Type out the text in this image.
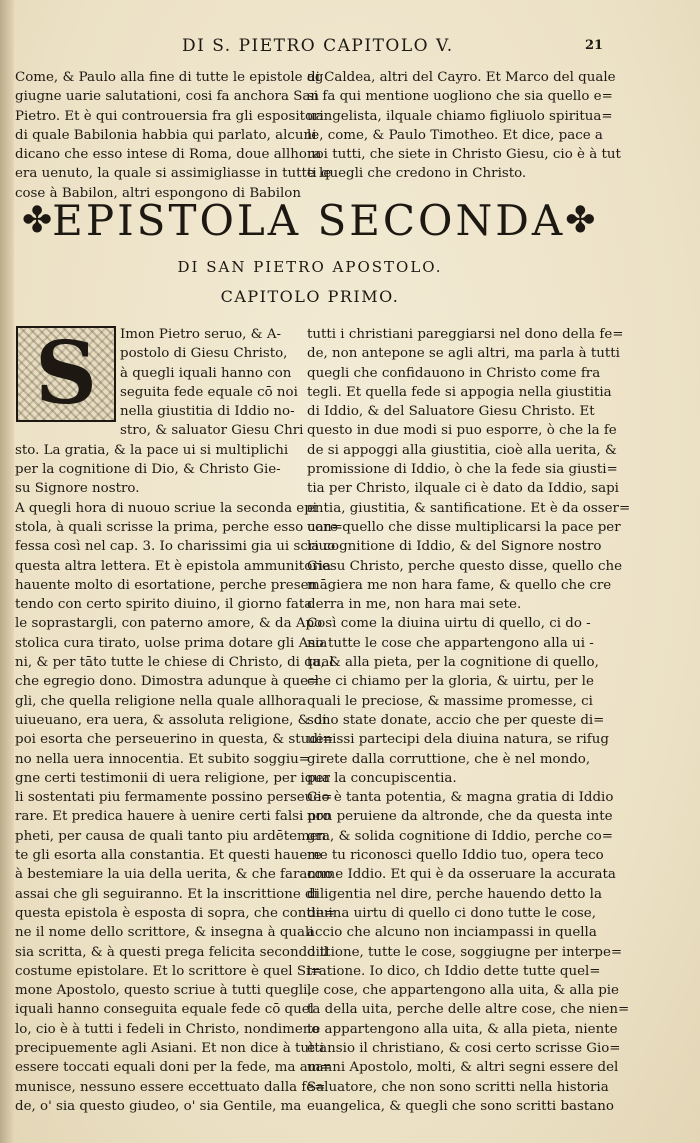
DI S. PIETRO CAPITOLO V.	21
Come, & Paulo alla fine di tutte le epistole ag
giugne uarie salutationi, cosi fa anchora San
Pietro. Et è qui controuersia fra gli espositori
di quale Babilonia habbia qui parlato, alcuni
dicano che esso intese di Roma, doue allhora
era uenuto, la quale si assimigliasse in tutte le
cose à Babilon, altri espongono di Babilon
di Caldea, altri del Cayro. Et Marco del quale
si fa qui mentione uogliono che sia quello e=
uangelista, ilquale chiamo figliuolo spiritua=
le, come, & Paulo Timotheo. Et dice, pace a
uoi tutti, che siete in Christo Giesu, cio è à tut
ti quegli che credono in Christo.
✤ EPISTOLA SECONDA ✤
DI SAN PIETRO APOSTOLO.
CAPITOLO PRIMO.
S Imon Pietro seruo, & A-
postolo di Giesu Christo,
à quegli iquali hanno con
seguita fede equale cō noi
nella giustitia di Iddio no-
stro, & saluator Giesu Chri
sto. La gratia, & la pace ui si multiplichi
per la cognitione di Dio, & Christo Gie-
su Signore nostro.
A quegli hora di nuouo scriue la seconda epi
stola, à quali scrisse la prima, perche esso con=
fessa così nel cap. 3. Io charissimi gia ui scriuo
questa altra lettera. Et è epistola ammunitoria
hauente molto di esortatione, perche presen
tendo con certo spirito diuino, il giorno fata
le soprastargli, con paterno amore, & da Apo
stolica cura tirato, uolse prima dotare gli Asia
ni, & per tāto tutte le chiese di Christo, di qual
che egregio dono. Dimostra adunque à que=
gli, che quella religione nella quale allhora
uiueuano, era uera, & assoluta religione, & di
poi esorta che perseuerino in questa, & studi=
no nella uera innocentia. Et subito soggiu=
gne certi testimonii di uera religione, per iqua
li sostentati piu fermamente possino perseue=
rare. Et predica hauere à uenire certi falsi pro
pheti, per causa de quali tanto piu ardētemen
te gli esorta alla constantia. Et questi hauere
à bestemiare la uia della uerita, & che faranno
assai che gli seguiranno. Et la inscrittione di
questa epistola è esposta di sopra, che contie=
ne il nome dello scrittore, & insegna à quali
sia scritta, & à questi prega felicita secondo il
costume epistolare. Et lo scrittore è quel Si=
mone Apostolo, questo scriue à tutti quegli,
iquali hanno conseguita equale fede cō quel
lo, cio è à tutti i fedeli in Christo, nondimeno
precipuemente agli Asiani. Et non dice à tutti
essere toccati equali doni per la fede, ma am=
munisce, nessuno essere eccettuato dalla fe=
de, o' sia questo giudeo, o' sia Gentile, ma
tutti i christiani pareggiarsi nel dono della fe=
de, non antepone se agli altri, ma parla à tutti
quegli che confidauono in Christo come fra
tegli. Et quella fede si appogia nella giustitia
di Iddio, & del Saluatore Giesu Christo. Et
questo in due modi si puo esporre, ò che la fe
de si appoggi alla giustitia, cioè alla uerita, &
promissione di Iddio, ò che la fede sia giusti=
tia per Christo, ilquale ci è dato da Iddio, sapi
entia, giustitia, & santificatione. Et è da osser=
uare quello che disse multiplicarsi la pace per
la cognitione di Iddio, & del Signore nostro
Giesu Christo, perche questo disse, quello che
māgiera me non hara fame, & quello che cre
derra in me, non hara mai sete.
Così come la diuina uirtu di quello, ci do -
no tutte le cose che appartengono alla ui -
ta, & alla pieta, per la cognitione di quello,
che ci chiamo per la gloria, & uirtu, per le
quali le preciose, & massime promesse, ci
sono state donate, accio che per queste di=
uenissi partecipi dela diuina natura, se rifug
girete dalla corruttione, che è nel mondo,
per la concupiscentia.
Cio è tanta potentia, & magna gratia di Iddio
non peruiene da altronde, che da questa inte
gra, & solida cognitione di Iddio, perche co=
me tu riconosci quello Iddio tuo, opera teco
come Iddio. Et qui è da osseruare la accurata
diligentia nel dire, perche hauendo detto la
diuina uirtu di quello ci dono tutte le cose,
accio che alcuno non inciampassi in quella
dittione, tutte le cose, soggiugne per interpe=
tratione. Io dico, ch Iddio dette tutte quel=
le cose, che appartengono alla uita, & alla pie
ta della uita, perche delle altre cose, che nien=
te appartengono alla uita, & alla pieta, niente
è ansio il christiano, & cosi certo scrisse Gio=
uanni Apostolo, molti, & altri segni essere del
Saluatore, che non sono scritti nella historia
euangelica, & quegli che sono scritti bastano
